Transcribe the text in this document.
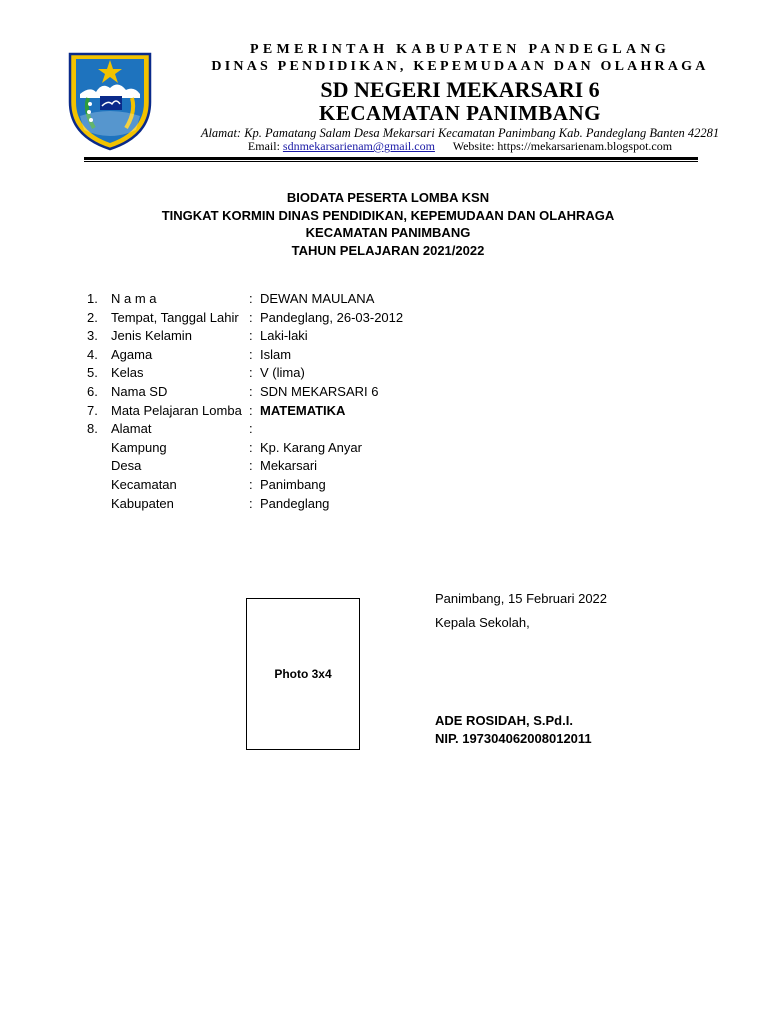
PEMERINTAH KABUPATEN PANDEGLANG
DINAS PENDIDIKAN, KEPEMUDAAN DAN OLAHRAGA
SD NEGERI MEKARSARI 6
KECAMATAN PANIMBANG
Alamat: Kp. Pamatang Salam Desa Mekarsari Kecamatan Panimbang Kab. Pandeglang Banten 42281
Email: sdnmekarsarienam@gmail.com Website: https://mekarsarienam.blogspot.com
BIODATA PESERTA LOMBA KSN
TINGKAT KORMIN DINAS PENDIDIKAN, KEPEMUDAAN DAN OLAHRAGA
KECAMATAN PANIMBANG
TAHUN PELAJARAN 2021/2022
1.	N a m a	: DEWAN MAULANA
2.	Tempat, Tanggal Lahir : Pandeglang, 26-03-2012
3.	Jenis Kelamin	: Laki-laki
4.	Agama	: Islam
5.	Kelas	: V (lima)
6.	Nama SD	: SDN MEKARSARI 6
7.	Mata Pelajaran Lomba : MATEMATIKA
8.	Alamat	:
Kampung	: Kp. Karang Anyar
Desa	: Mekarsari
Kecamatan	: Panimbang
Kabupaten	: Pandeglang
Photo 3x4
Panimbang, 15 Februari 2022
Kepala Sekolah,
ADE ROSIDAH, S.Pd.I.
NIP. 197304062008012011
